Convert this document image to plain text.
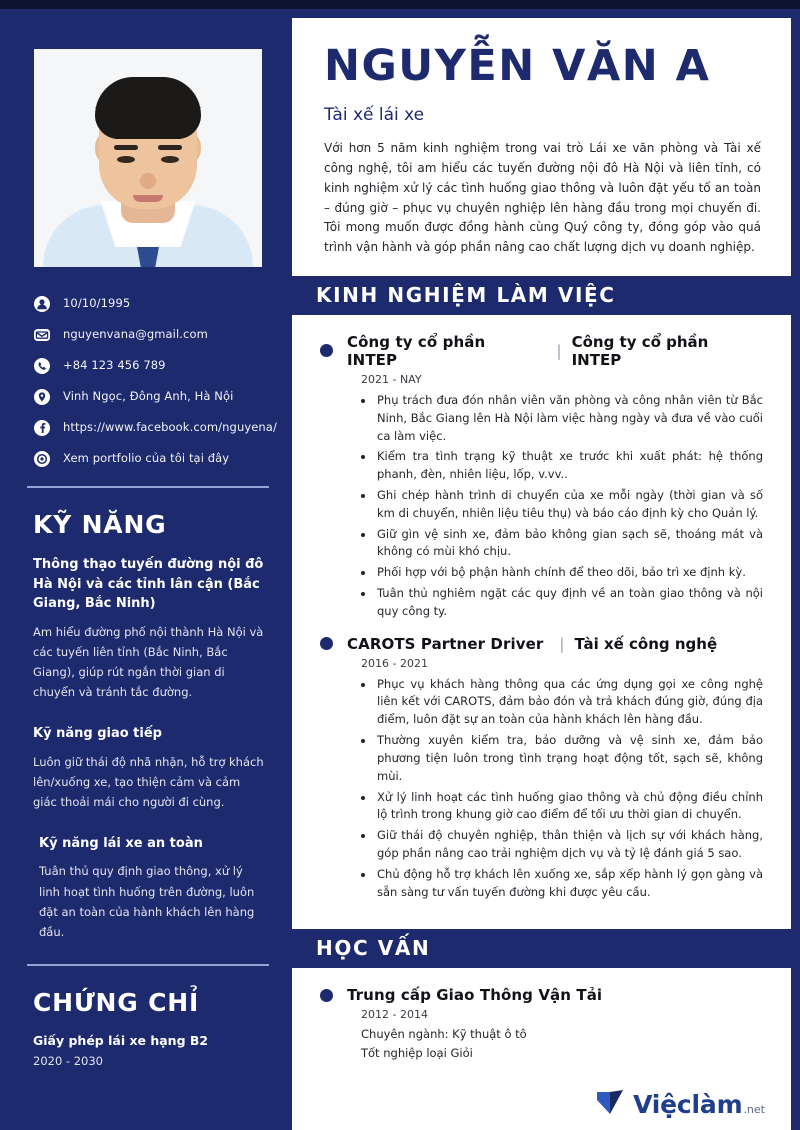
10/10/1995
nguyenvana@gmail.com
+84 123 456 789
Vinh Ngọc, Đông Anh, Hà Nội
https://www.facebook.com/nguyena/
Xem portfolio của tôi tại đây
KỸ NĂNG
Thông thạo tuyến đường nội đô Hà Nội và các tỉnh lân cận (Bắc Giang, Bắc Ninh)
Am hiểu đường phố nội thành Hà Nội và các tuyến liên tỉnh (Bắc Ninh, Bắc Giang), giúp rút ngắn thời gian di chuyển và tránh tắc đường.
Kỹ năng giao tiếp
Luôn giữ thái độ nhã nhặn, hỗ trợ khách lên/xuống xe, tạo thiện cảm và cảm giác thoải mái cho người đi cùng.
Kỹ năng lái xe an toàn
Tuân thủ quy định giao thông, xử lý linh hoạt tình huống trên đường, luôn đặt an toàn của hành khách lên hàng đầu.
CHỨNG CHỈ
Giấy phép lái xe hạng B2
2020 - 2030
NGUYỄN VĂN A
Tài xế lái xe

Với hơn 5 năm kinh nghiệm trong vai trò Lái xe văn phòng và Tài xế công nghệ, tôi am hiểu các tuyến đường nội đô Hà Nội và liên tỉnh, có kinh nghiệm xử lý các tình huống giao thông và luôn đặt yếu tố an toàn – đúng giờ – phục vụ chuyên nghiệp lên hàng đầu trong mọi chuyến đi. Tôi mong muốn được đồng hành cùng Quý công ty, đóng góp vào quá trình vận hành và góp phần nâng cao chất lượng dịch vụ doanh nghiệp.

KINH NGHIỆM LÀM VIỆC
Công ty cổ phần INTEP	| Công ty cổ phần INTEP
2021 - NAY
• Phụ trách đưa đón nhân viên văn phòng và công nhân viên từ Bắc Ninh, Bắc Giang lên Hà Nội làm việc hàng ngày và đưa về vào cuối ca làm việc.
• Kiểm tra tình trạng kỹ thuật xe trước khi xuất phát: hệ thống phanh, đèn, nhiên liệu, lốp, v.vv..
• Ghi chép hành trình di chuyển của xe mỗi ngày (thời gian và số km di chuyển, nhiên liệu tiêu thụ) và báo cáo định kỳ cho Quản lý.
• Giữ gìn vệ sinh xe, đảm bảo không gian sạch sẽ, thoáng mát và không có mùi khó chịu.
• Phối hợp với bộ phận hành chính để theo dõi, bảo trì xe định kỳ.
• Tuân thủ nghiêm ngặt các quy định về an toàn giao thông và nội quy công ty.
CAROTS Partner Driver | Tài xế công nghệ
2016 - 2021
• Phục vụ khách hàng thông qua các ứng dụng gọi xe công nghệ liên kết với CAROTS, đảm bảo đón và trả khách đúng giờ, đúng địa điểm, luôn đặt sự an toàn của hành khách lên hàng đầu.
• Thường xuyên kiểm tra, bảo dưỡng và vệ sinh xe, đảm bảo phương tiện luôn trong tình trạng hoạt động tốt, sạch sẽ, không mùi.
• Xử lý linh hoạt các tình huống giao thông và chủ động điều chỉnh lộ trình trong khung giờ cao điểm để tối ưu thời gian di chuyển.
• Giữ thái độ chuyên nghiệp, thân thiện và lịch sự với khách hàng, góp phần nâng cao trải nghiệm dịch vụ và tỷ lệ đánh giá 5 sao.
• Chủ động hỗ trợ khách lên xuống xe, sắp xếp hành lý gọn gàng và sẵn sàng tư vấn tuyến đường khi được yêu cầu.
HỌC VẤN
Trung cấp Giao Thông Vận Tải
2012 - 2014
Chuyên ngành: Kỹ thuật ô tô
Tốt nghiệp loại Giỏi
Việclàm .net
